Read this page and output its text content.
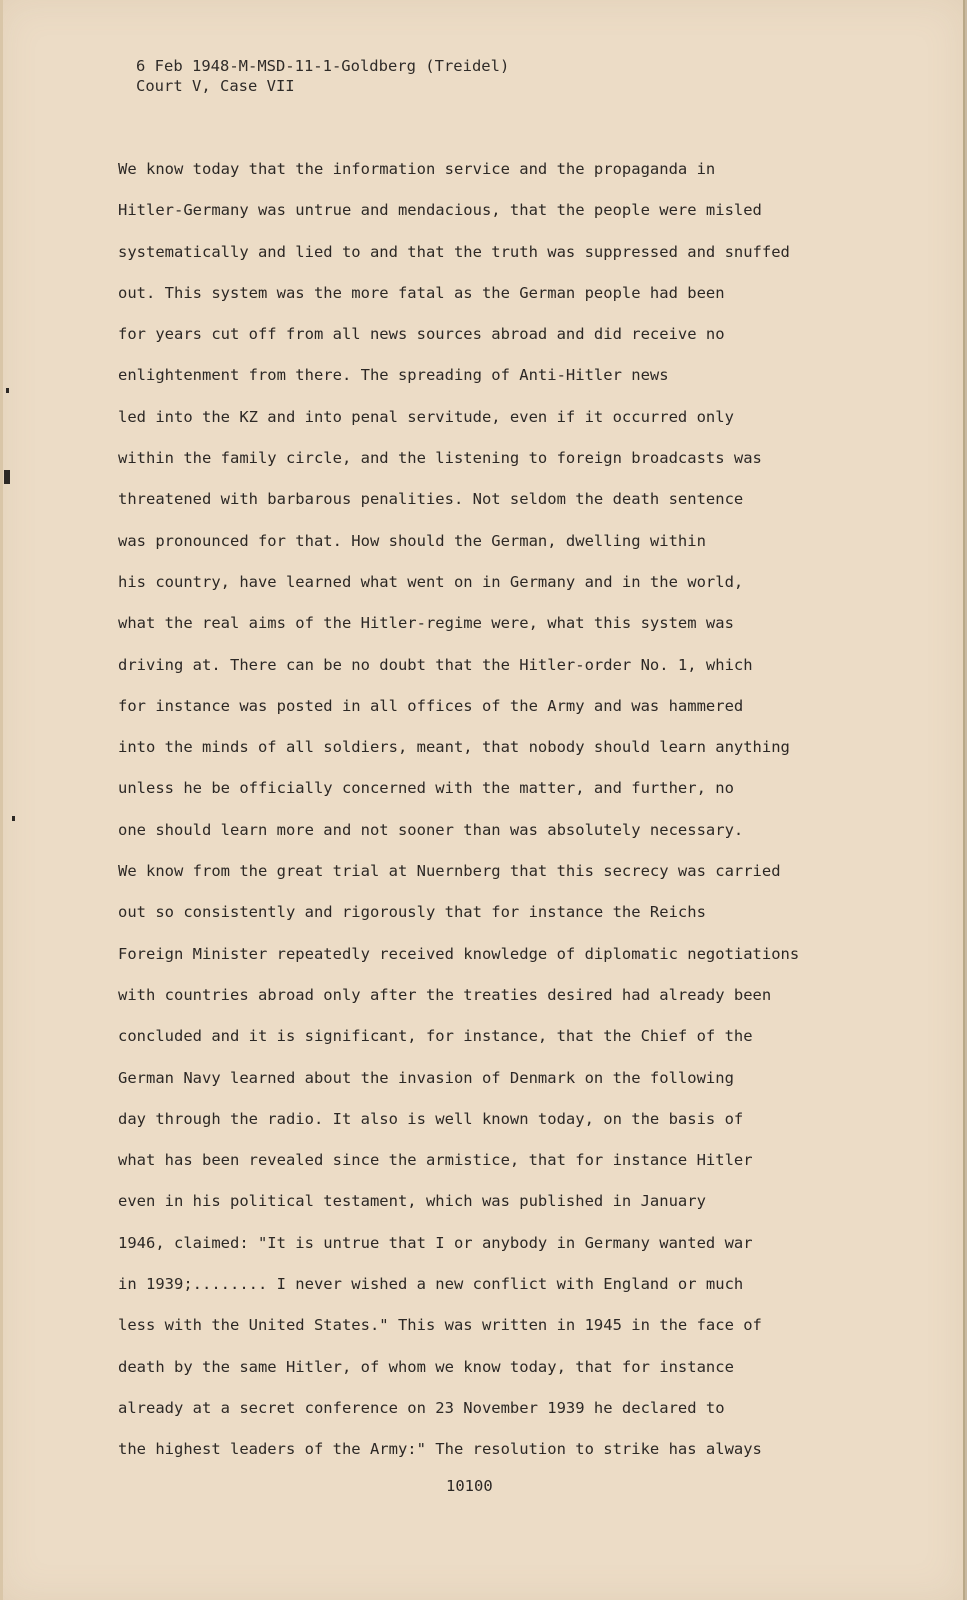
6 Feb 1948-M-MSD-11-1-Goldberg (Treidel)
Court V, Case VII
We know today that the information service and the propaganda in
Hitler-Germany was untrue and mendacious, that the people were misled
systematically and lied to and that the truth was suppressed and snuffed
out. This system was the more fatal as the German people had been
for years cut off from all news sources abroad and did receive no
enlightenment from there. The spreading of Anti-Hitler news
led into the KZ and into penal servitude, even if it occurred only
within the family circle, and the listening to foreign broadcasts was
threatened with barbarous penalities. Not seldom the death sentence
was pronounced for that. How should the German, dwelling within
his country, have learned what went on in Germany and in the world,
what the real aims of the Hitler-regime were, what this system was
driving at. There can be no doubt that the Hitler-order No. 1, which
for instance was posted in all offices of the Army and was hammered
into the minds of all soldiers, meant, that nobody should learn anything
unless he be officially concerned with the matter, and further, no
one should learn more and not sooner than was absolutely necessary.
We know from the great trial at Nuernberg that this secrecy was carried
out so consistently and rigorously that for instance the Reichs
Foreign Minister repeatedly received knowledge of diplomatic negotiations
with countries abroad only after the treaties desired had already been
concluded and it is significant, for instance, that the Chief of the
German Navy learned about the invasion of Denmark on the following
day through the radio. It also is well known today, on the basis of
what has been revealed since the armistice, that for instance Hitler
even in his political testament, which was published in January
1946, claimed: "It is untrue that I or anybody in Germany wanted war
in 1939;........ I never wished a new conflict with England or much
less with the United States." This was written in 1945 in the face of
death by the same Hitler, of whom we know today, that for instance
already at a secret conference on 23 November 1939 he declared to
the highest leaders of the Army:" The resolution to strike has always
10100
